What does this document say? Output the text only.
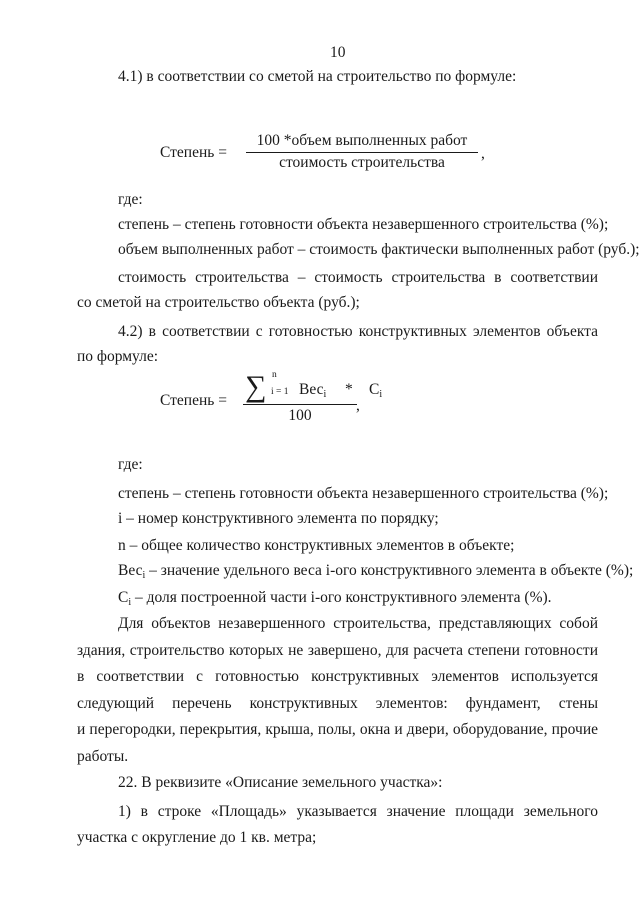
10
4.1) в соответствии со сметой на строительство по формуле:
Степень =
100 *объем выполненных работ
стоимость строительства
,
где:
степень – степень готовности объекта незавершенного строительства (%);
объем выполненных работ – стоимость фактически выполненных работ (руб.);
стоимость строительства – стоимость строительства в соответствии
со сметой на строительство объекта (руб.);
4.2) в соответствии с готовностью конструктивных элементов объекта
по формуле:
Степень = ∑ n
i = 1 $Вес_i * C_i$
100
,
где:
степень – степень готовности объекта незавершенного строительства (%);
i – номер конструктивного элемента по порядку;
n – общее количество конструктивных элементов в объекте;
Вес$_i$ – значение удельного веса i-ого конструктивного элемента в объекте (%);
$C_i$ – доля построенной части i-ого конструктивного элемента (%).
Для объектов незавершенного строительства, представляющих собой
здания, строительство которых не завершено, для расчета степени готовности
в соответствии с готовностью конструктивных элементов используется
следующий перечень конструктивных элементов: фундамент, стены
и перегородки, перекрытия, крыша, полы, окна и двери, оборудование, прочие
работы.
22. В реквизите «Описание земельного участка»:
1) в строке «Площадь» указывается значение площади земельного
участка с округление до 1 кв. метра;
